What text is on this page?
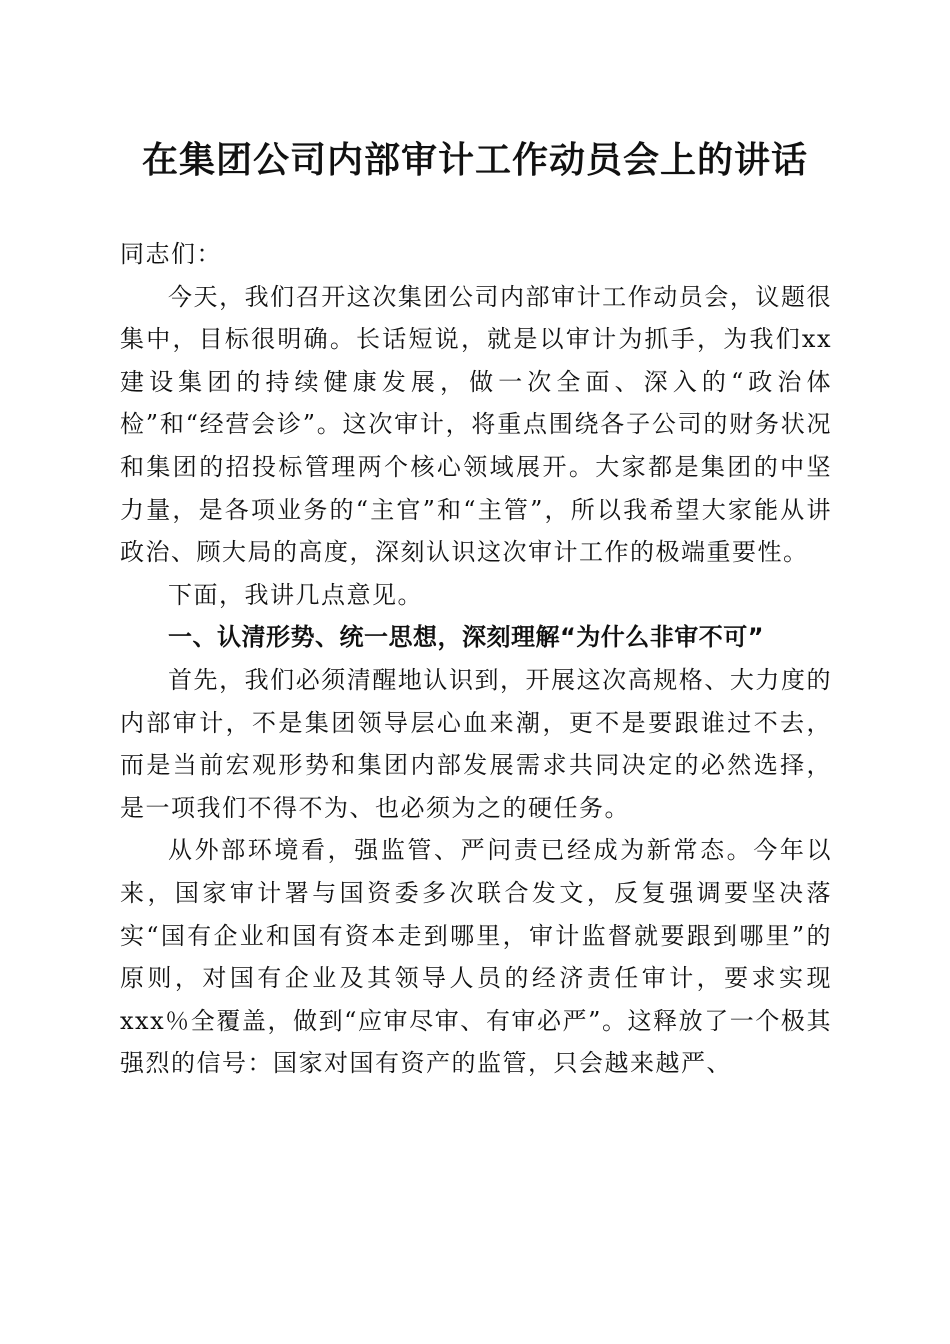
在集团公司内部审计工作动员会上的讲话

同志们：

今天，我们召开这次集团公司内部审计工作动员会，议题很集中，目标很明确。长话短说，就是以审计为抓手，为我们xx建设集团的持续健康发展，做一次全面、深入的“政治体检”和“经营会诊”。这次审计，将重点围绕各子公司的财务状况和集团的招投标管理两个核心领域展开。大家都是集团的中坚力量，是各项业务的“主官”和“主管”，所以我希望大家能从讲政治、顾大局的高度，深刻认识这次审计工作的极端重要性。

下面，我讲几点意见。

一、认清形势、统一思想，深刻理解“为什么非审不可”

首先，我们必须清醒地认识到，开展这次高规格、大力度的内部审计，不是集团领导层心血来潮，更不是要跟谁过不去，而是当前宏观形势和集团内部发展需求共同决定的必然选择，是一项我们不得不为、也必须为之的硬任务。

从外部环境看，强监管、严问责已经成为新常态。今年以来，国家审计署与国资委多次联合发文，反复强调要坚决落实“国有企业和国有资本走到哪里，审计监督就要跟到哪里”的原则，对国有企业及其领导人员的经济责任审计，要求实现xxx％全覆盖，做到“应审尽审、有审必严”。这释放了一个极其强烈的信号：国家对国有资产的监管，只会越来越严、
